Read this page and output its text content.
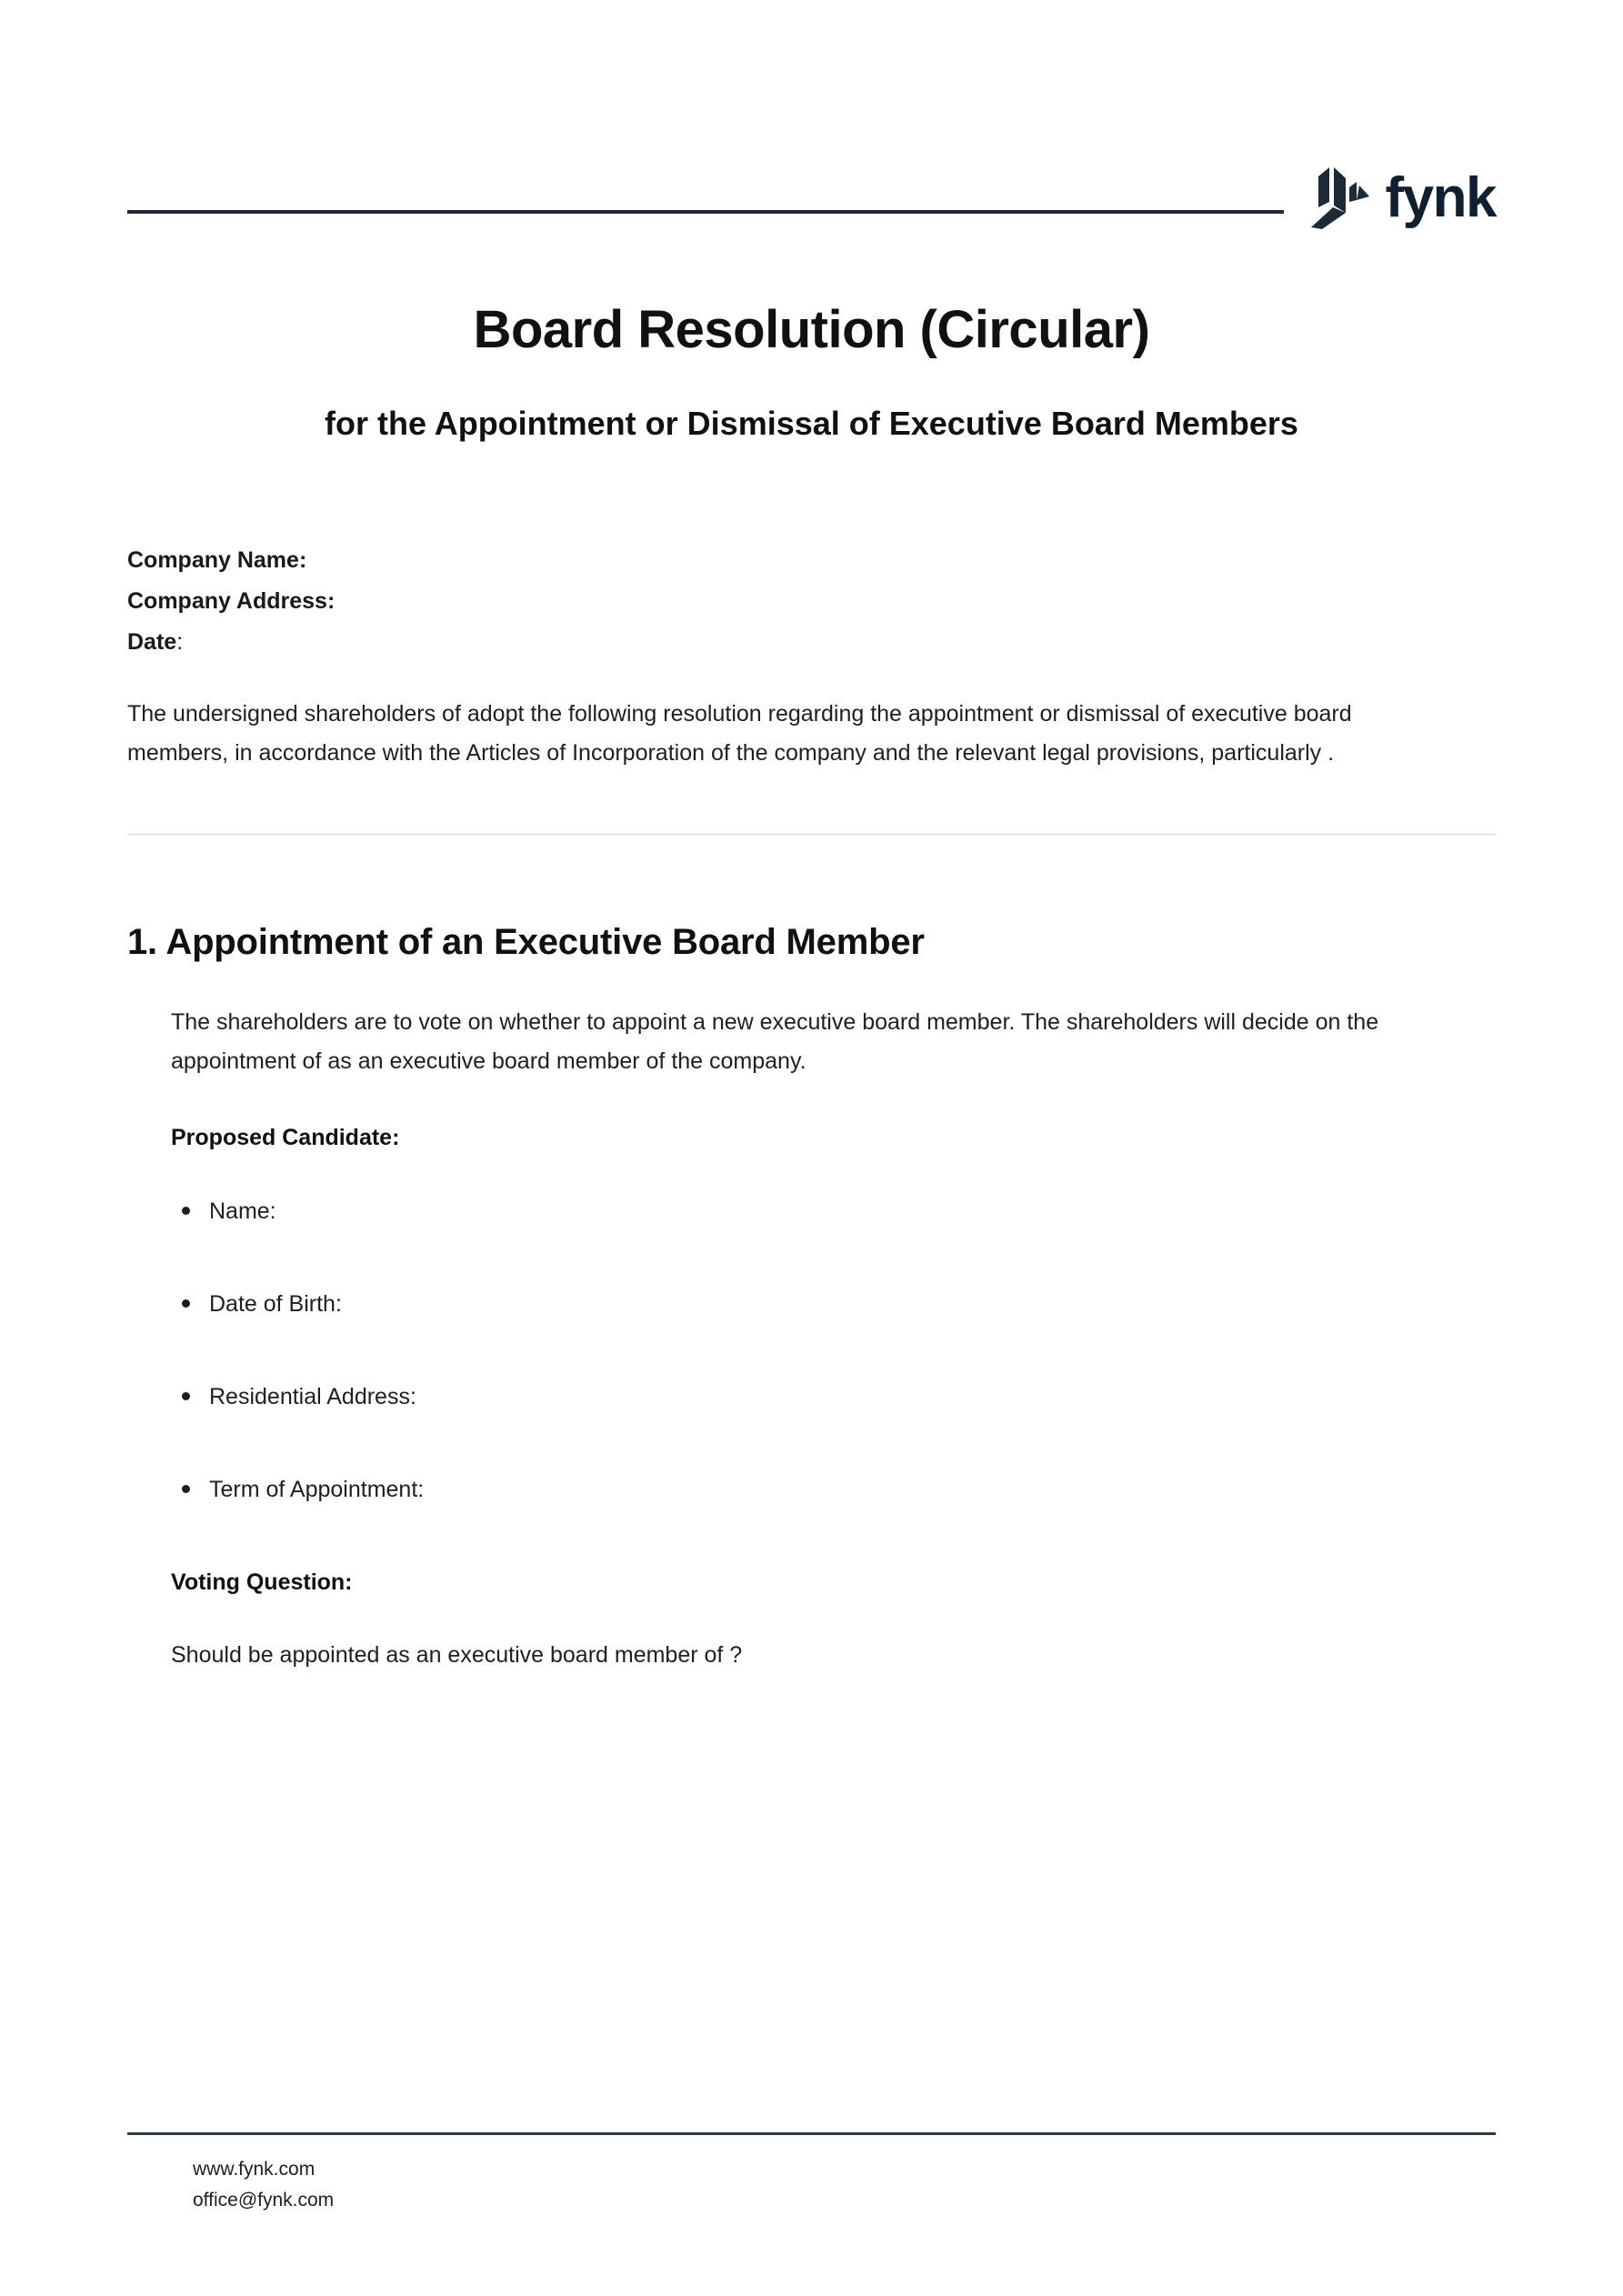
fynk
Board Resolution (Circular)
for the Appointment or Dismissal of Executive Board Members
Company Name:
Company Address:
Date:

The undersigned shareholders of adopt the following resolution regarding the appointment or dismissal of executive board members, in accordance with the Articles of Incorporation of the company and the relevant legal provisions, particularly .

1. Appointment of an Executive Board Member

The shareholders are to vote on whether to appoint a new executive board member. The shareholders will decide on the appointment of as an executive board member of the company.

Proposed Candidate:
Name:
Date of Birth:
Residential Address:
Term of Appointment:
Voting Question:
Should be appointed as an executive board member of ?
www.fynk.com
office@fynk.com
